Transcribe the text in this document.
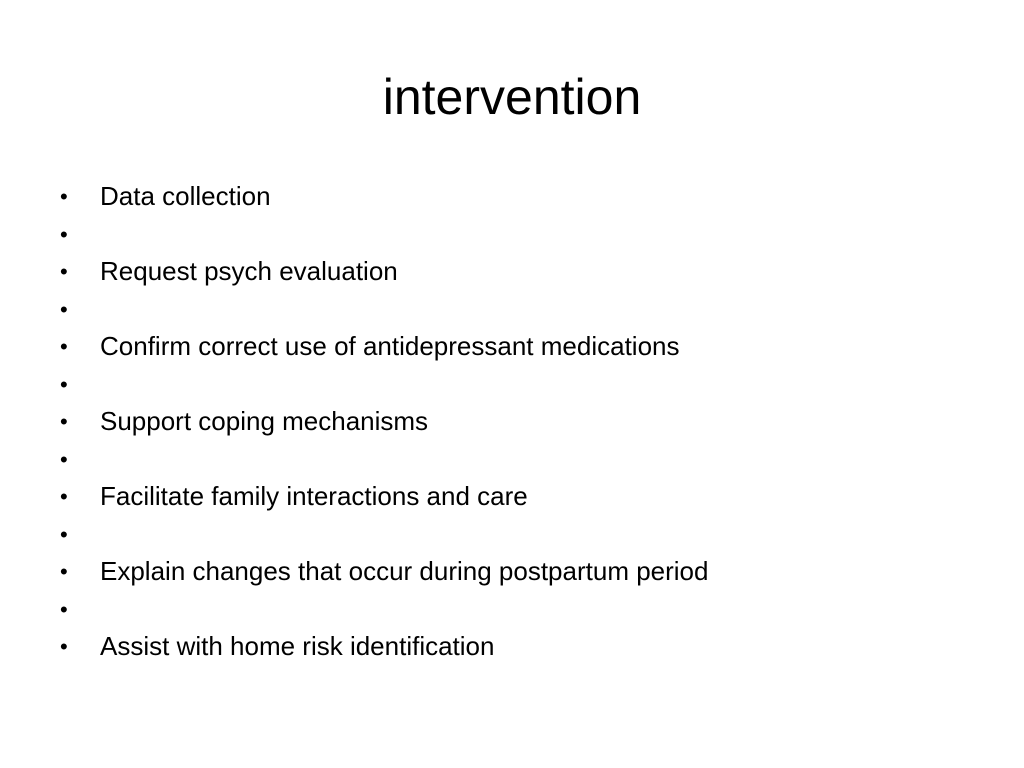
intervention
•	Data collection
•
•	Request psych evaluation
•
•	Confirm correct use of antidepressant medications
•
•	Support coping mechanisms
•
•	Facilitate family interactions and care
•
•	Explain changes that occur during postpartum period
•
•	Assist with home risk identification
